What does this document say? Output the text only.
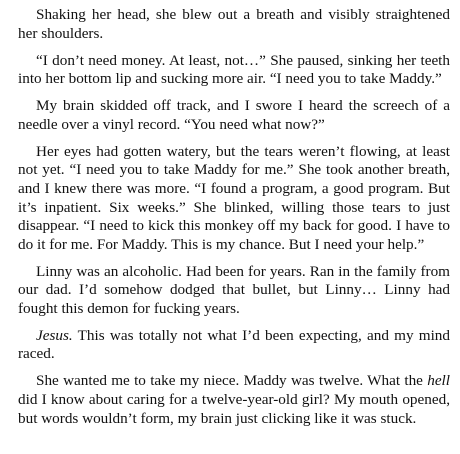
Shaking her head, she blew out a breath and visibly straightened her shoulders.

“I don’t need money. At least, not…” She paused, sinking her teeth into her bottom lip and sucking more air. “I need you to take Maddy.”

My brain skidded off track, and I swore I heard the screech of a needle over a vinyl record. “You need what now?”

Her eyes had gotten watery, but the tears weren’t flowing, at least not yet. “I need you to take Maddy for me.” She took another breath, and I knew there was more. “I found a program, a good program. But it’s inpatient. Six weeks.” She blinked, willing those tears to just disappear. “I need to kick this monkey off my back for good. I have to do it for me. For Maddy. This is my chance. But I need your help.”

Linny was an alcoholic. Had been for years. Ran in the family from our dad. I’d somehow dodged that bullet, but Linny… Linny had fought this demon for fucking years.

Jesus. This was totally not what I’d been expecting, and my mind raced.

She wanted me to take my niece. Maddy was twelve. What the hell did I know about caring for a twelve-year-old girl? My mouth opened, but words wouldn’t form, my brain just clicking like it was stuck.
